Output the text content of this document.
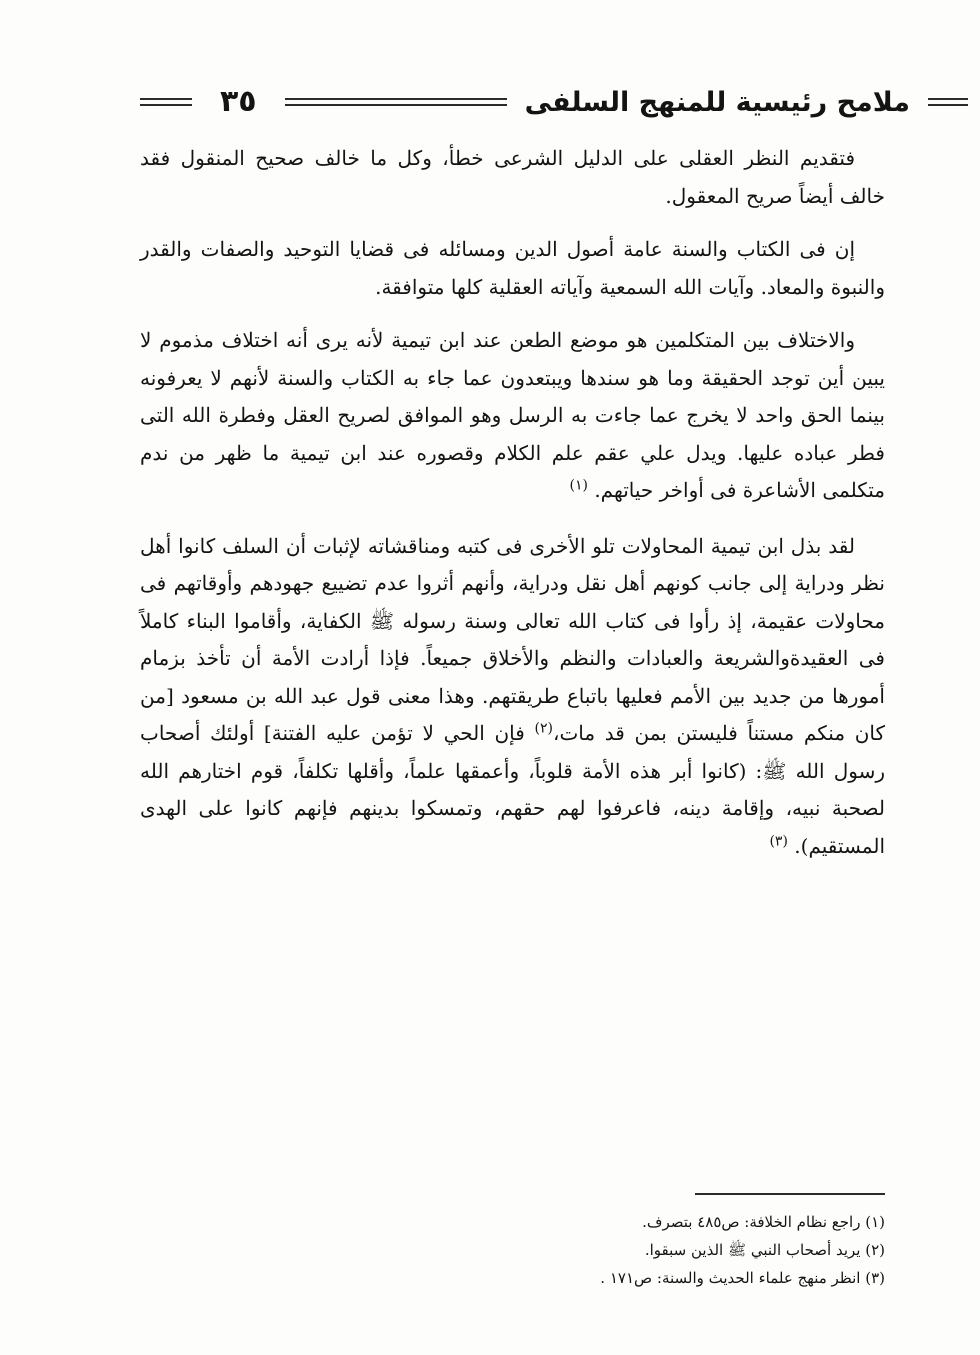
٣٥	ملامح رئيسية للمنهج السلفى

فتقديم النظر العقلى على الدليل الشرعى خطأ، وكل ما خالف صحيح المنقول فقد خالف أيضاً صريح المعقول.

إن فى الكتاب والسنة عامة أصول الدين ومسائله فى قضايا التوحيد والصفات والقدر والنبوة والمعاد. وآيات الله السمعية وآياته العقلية كلها متوافقة.

والاختلاف بين المتكلمين هو موضع الطعن عند ابن تيمية لأنه يرى أنه اختلاف مذموم لا يبين أين توجد الحقيقة وما هو سندها ويبتعدون عما جاء به الكتاب والسنة لأنهم لا يعرفونه بينما الحق واحد لا يخرج عما جاءت به الرسل وهو الموافق لصريح العقل وفطرة الله التى فطر عباده عليها. ويدل علي عقم علم الكلام وقصوره عند ابن تيمية ما ظهر من ندم متكلمى الأشاعرة فى أواخر حياتهم. $^{(١)}$

لقد بذل ابن تيمية المحاولات تلو الأخرى فى كتبه ومناقشاته لإثبات أن السلف كانوا أهل نظر ودراية إلى جانب كونهم أهل نقل ودراية، وأنهم أثروا عدم تضييع جهودهم وأوقاتهم فى محاولات عقيمة، إذ رأوا فى كتاب الله تعالى وسنة رسوله ﷺ الكفاية، وأقاموا البناء كاملاً فى العقيدةوالشريعة والعبادات والنظم والأخلاق جميعاً. فإذا أرادت الأمة أن تأخذ بزمام أمورها من جديد بين الأمم فعليها باتباع طريقتهم. وهذا معنى قول عبد الله بن مسعود [من كان منكم مستناً فليستن بمن قد مات،$^{(٢)}$ فإن الحي لا تؤمن عليه الفتنة] أولئك أصحاب رسول الله ﷺ: (كانوا أبر هذه الأمة قلوباً، وأعمقها علماً، وأقلها تكلفاً، قوم اختارهم الله لصحبة نبيه، وإقامة دينه، فاعرفوا لهم حقهم، وتمسكوا بدينهم فإنهم كانوا على الهدى المستقيم). $^{(٣)}$

(١) راجع نظام الخلافة: ص٤٨٥ بتصرف.
(٢) يريد أصحاب النبي ﷺ الذين سبقوا.
(٣) انظر منهج علماء الحديث والسنة: ص١٧١ .
